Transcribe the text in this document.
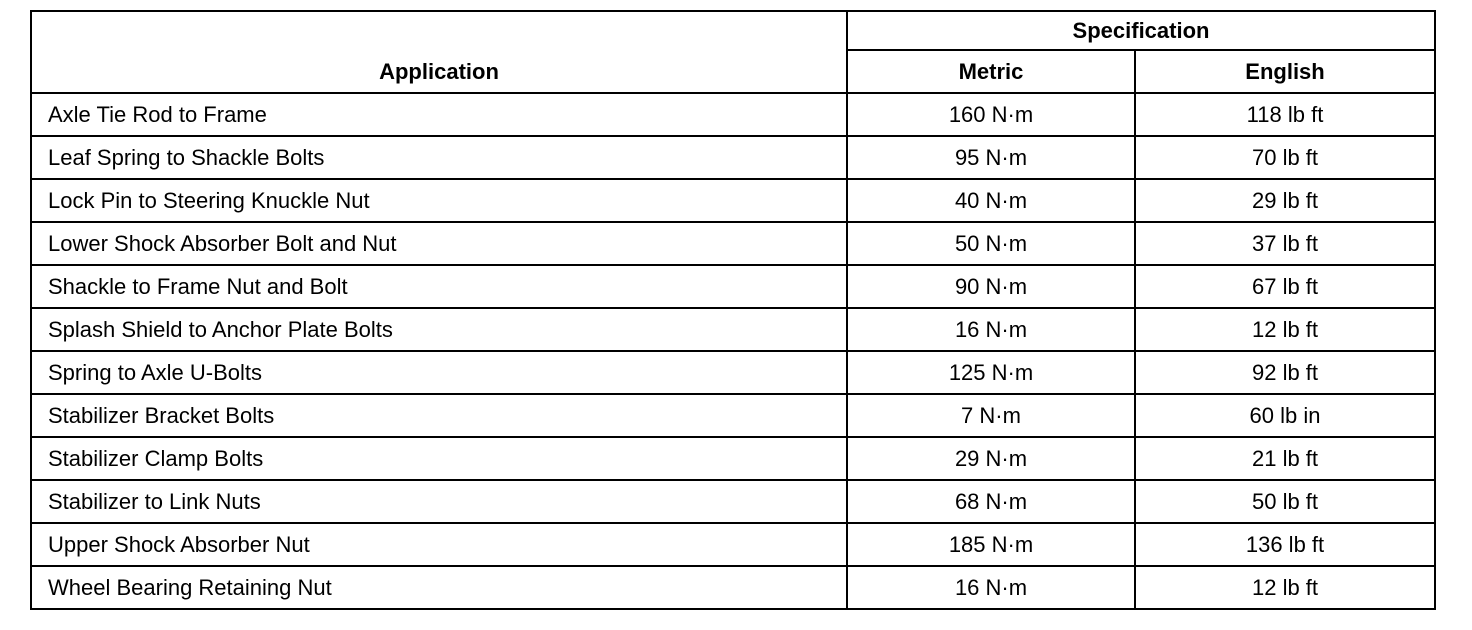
Application	Specification	
	Metric	English
Axle Tie Rod to Frame	160 N·m	118 lb ft
Leaf Spring to Shackle Bolts	95 N·m	70 lb ft
Lock Pin to Steering Knuckle Nut	40 N·m	29 lb ft
Lower Shock Absorber Bolt and Nut	50 N·m	37 lb ft
Shackle to Frame Nut and Bolt	90 N·m	67 lb ft
Splash Shield to Anchor Plate Bolts	16 N·m	12 lb ft
Spring to Axle U-Bolts	125 N·m	92 lb ft
Stabilizer Bracket Bolts	7 N·m	60 lb in
Stabilizer Clamp Bolts	29 N·m	21 lb ft
Stabilizer to Link Nuts	68 N·m	50 lb ft
Upper Shock Absorber Nut	185 N·m	136 lb ft
Wheel Bearing Retaining Nut	16 N·m	12 lb ft
